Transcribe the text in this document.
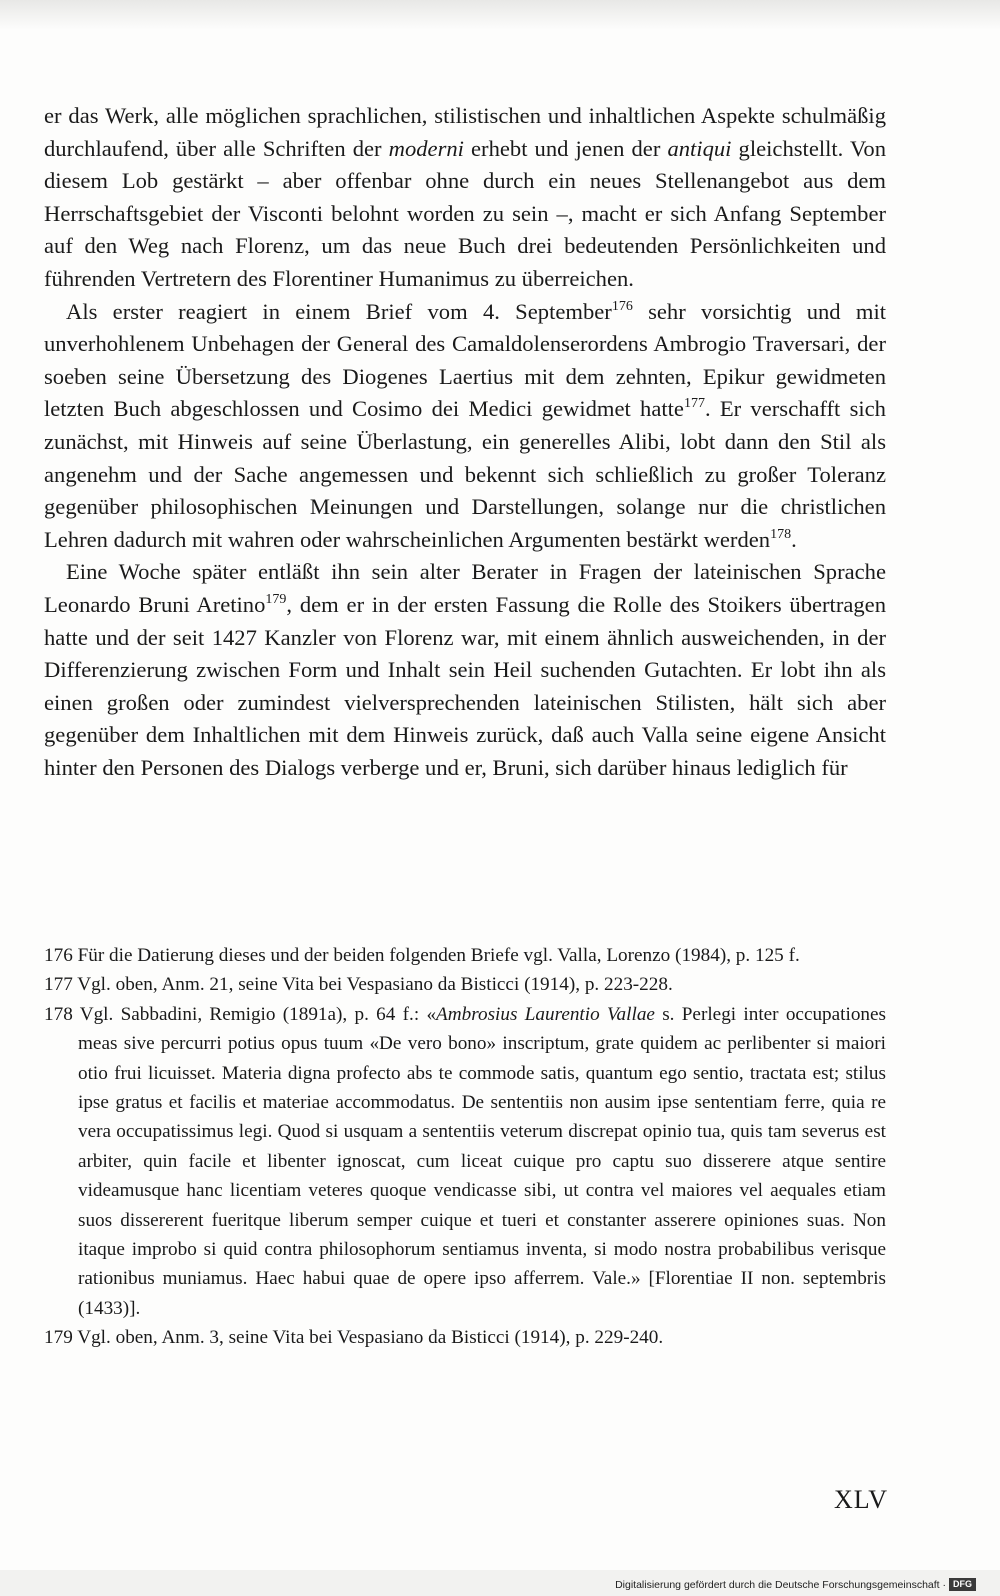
er das Werk, alle möglichen sprachlichen, stilistischen und inhaltlichen Aspekte schulmäßig durchlaufend, über alle Schriften der moderni erhebt und jenen der antiqui gleichstellt. Von diesem Lob gestärkt – aber offenbar ohne durch ein neues Stellenangebot aus dem Herrschaftsgebiet der Visconti belohnt worden zu sein –, macht er sich Anfang September auf den Weg nach Florenz, um das neue Buch drei bedeutenden Persönlichkeiten und führenden Vertretern des Florentiner Humanimus zu überreichen.

Als erster reagiert in einem Brief vom 4. September$^{176}$ sehr vorsichtig und mit unverhohlenem Unbehagen der General des Camaldolenserordens Ambrogio Traversari, der soeben seine Übersetzung des Diogenes Laertius mit dem zehnten, Epikur gewidmeten letzten Buch abgeschlossen und Cosimo dei Medici gewidmet hatte$^{177}$. Er verschafft sich zunächst, mit Hinweis auf seine Überlastung, ein generelles Alibi, lobt dann den Stil als angenehm und der Sache angemessen und bekennt sich schließlich zu großer Toleranz gegenüber philosophischen Meinungen und Darstellungen, solange nur die christlichen Lehren dadurch mit wahren oder wahrscheinlichen Argumenten bestärkt werden$^{178}$.

Eine Woche später entläßt ihn sein alter Berater in Fragen der lateinischen Sprache Leonardo Bruni Aretino$^{179}$, dem er in der ersten Fassung die Rolle des Stoikers übertragen hatte und der seit 1427 Kanzler von Florenz war, mit einem ähnlich ausweichenden, in der Differenzierung zwischen Form und Inhalt sein Heil suchenden Gutachten. Er lobt ihn als einen großen oder zumindest vielversprechenden lateinischen Stilisten, hält sich aber gegenüber dem Inhaltlichen mit dem Hinweis zurück, daß auch Valla seine eigene Ansicht hinter den Personen des Dialogs verberge und er, Bruni, sich darüber hinaus lediglich für

176 Für die Datierung dieses und der beiden folgenden Briefe vgl. Valla, Lorenzo (1984), p. 125 f.

177 Vgl. oben, Anm. 21, seine Vita bei Vespasiano da Bisticci (1914), p. 223-228.

178 Vgl. Sabbadini, Remigio (1891a), p. 64 f.: «Ambrosius Laurentio Vallae s. Perlegi inter occupationes meas sive percurri potius opus tuum «De vero bono» inscriptum, grate quidem ac perlibenter si maiori otio frui licuisset. Materia digna profecto abs te commode satis, quantum ego sentio, tractata est; stilus ipse gratus et facilis et materiae accommodatus. De sententiis non ausim ipse sententiam ferre, quia re vera occupatissimus legi. Quod si usquam a sententiis veterum discrepat opinio tua, quis tam severus est arbiter, quin facile et libenter ignoscat, cum liceat cuique pro captu suo disserere atque sentire videamusque hanc licentiam veteres quoque vendicasse sibi, ut contra vel maiores vel aequales etiam suos dissererent fueritque liberum semper cuique et tueri et constanter asserere opiniones suas. Non itaque improbo si quid contra philosophorum sentiamus inventa, si modo nostra probabilibus verisque rationibus muniamus. Haec habui quae de opere ipso afferrem. Vale.» [Florentiae II non. septembris (1433)].

179 Vgl. oben, Anm. 3, seine Vita bei Vespasiano da Bisticci (1914), p. 229-240.

XLV
Digitalisierung gefördert durch die Deutsche Forschungsgemeinschaft · DFG
